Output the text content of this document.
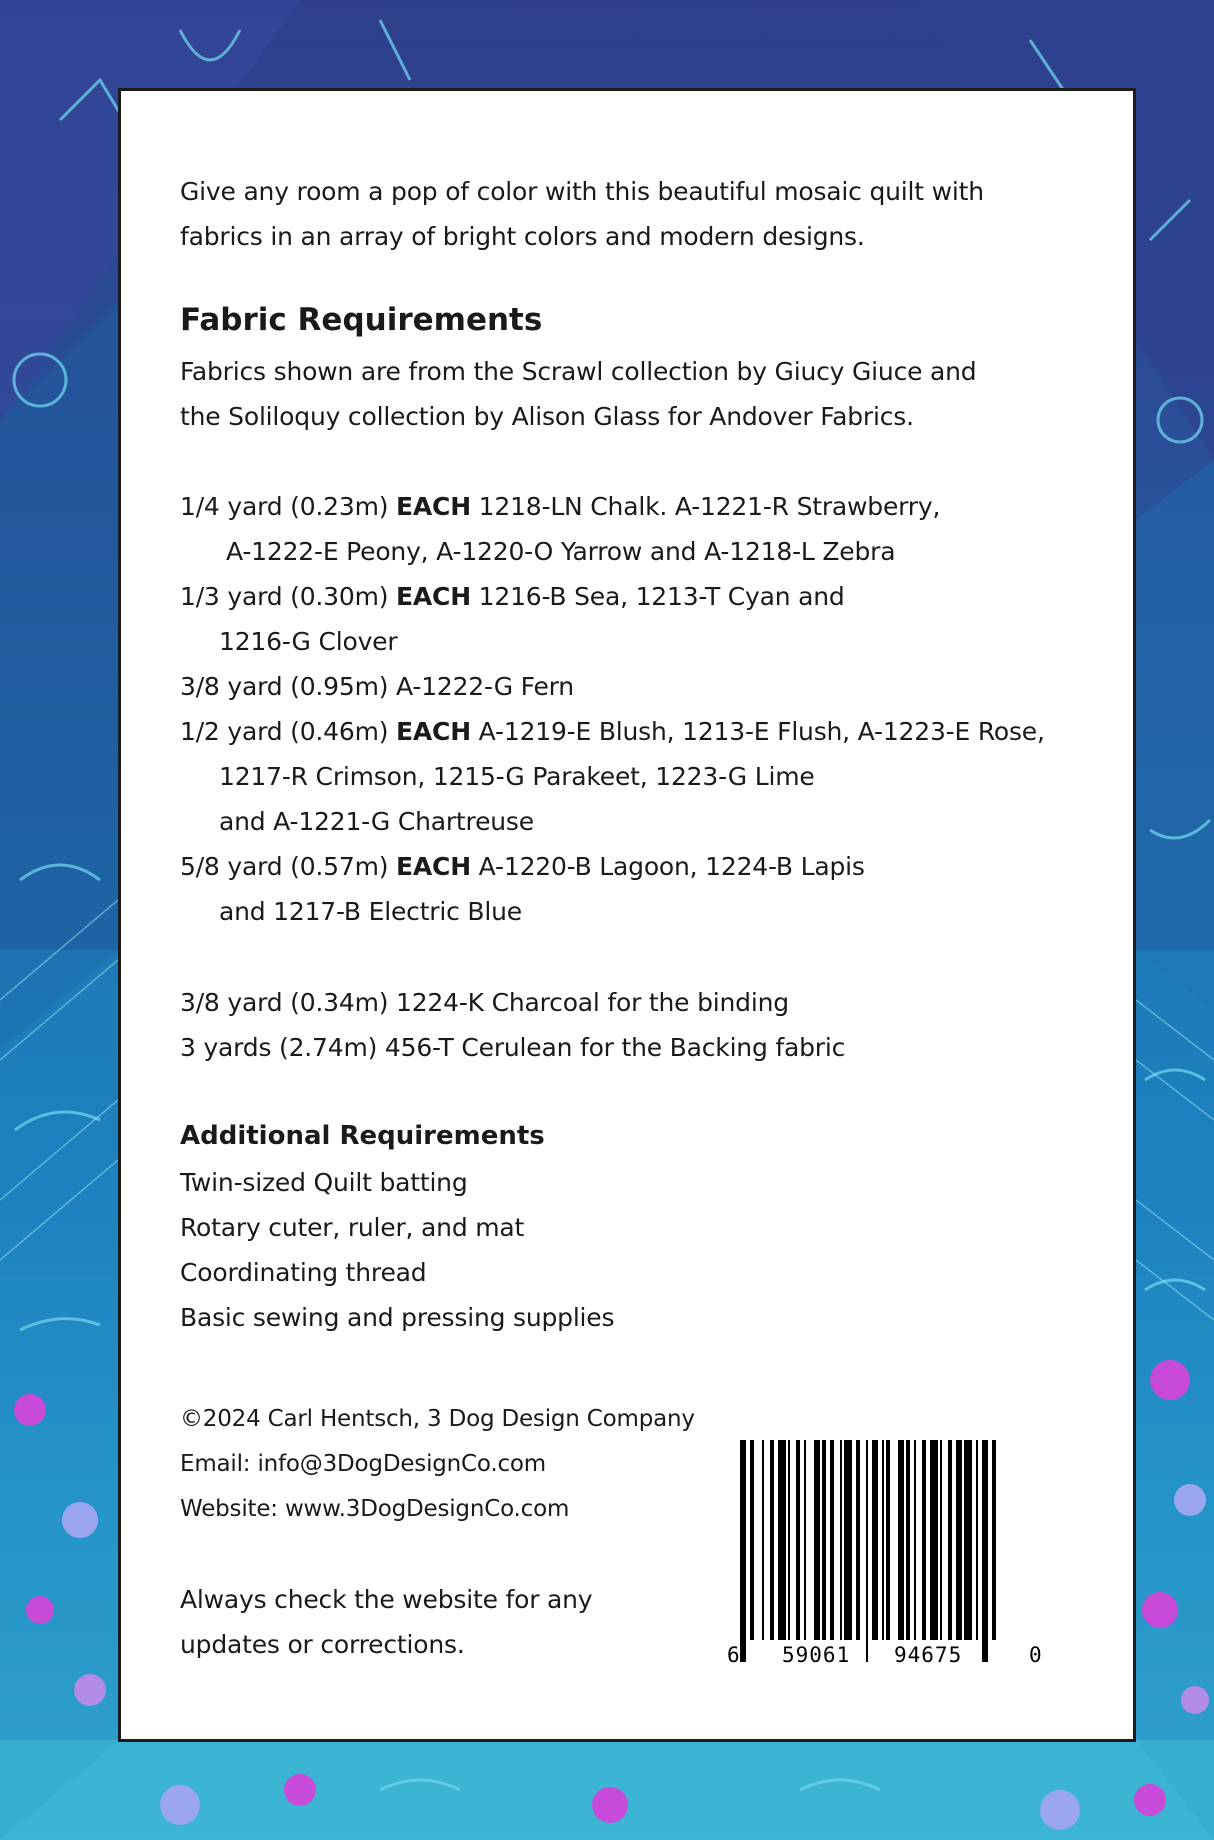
Give any room a pop of color with this beautiful mosaic quilt with
fabrics in an array of bright colors and modern designs.
Fabric Requirements
Fabrics shown are from the Scrawl collection by Giucy Giuce and
the Soliloquy collection by Alison Glass for Andover Fabrics.
1/4 yard (0.23m) EACH 1218-LN Chalk. A-1221-R Strawberry,
A-1222-E Peony, A-1220-O Yarrow and A-1218-L Zebra
1/3 yard (0.30m) EACH 1216-B Sea, 1213-T Cyan and
1216-G Clover
3/8 yard (0.95m) A-1222-G Fern
1/2 yard (0.46m) EACH A-1219-E Blush, 1213-E Flush, A-1223-E Rose,
1217-R Crimson, 1215-G Parakeet, 1223-G Lime
and A-1221-G Chartreuse
5/8 yard (0.57m) EACH A-1220-B Lagoon, 1224-B Lapis
and 1217-B Electric Blue
3/8 yard (0.34m) 1224-K Charcoal for the binding
3 yards (2.74m) 456-T Cerulean for the Backing fabric
Additional Requirements
Twin-sized Quilt batting
Rotary cuter, ruler, and mat
Coordinating thread
Basic sewing and pressing supplies
©2024 Carl Hentsch, 3 Dog Design Company
Email: info@3DogDesignCo.com
Website: www.3DogDesignCo.com
Always check the website for any
updates or corrections.	6 59061 94675	0
